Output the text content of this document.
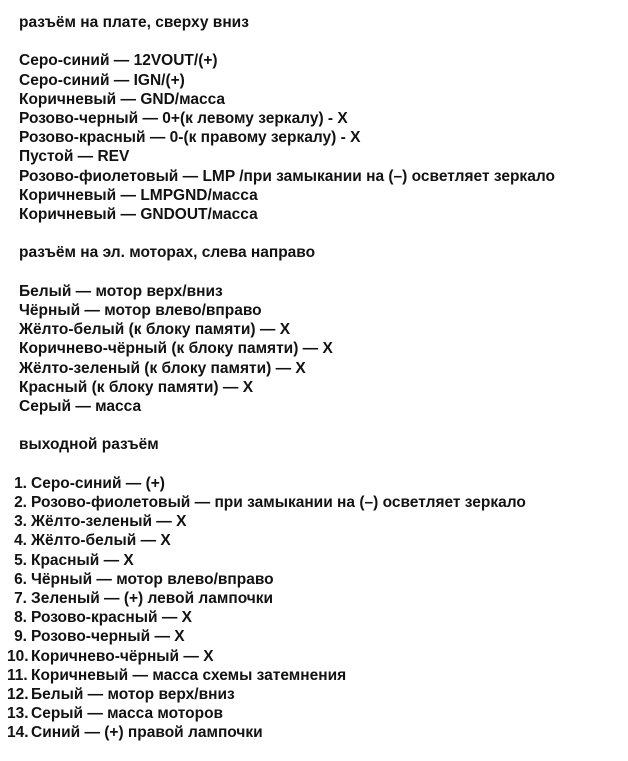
разъём на плате, сверху вниз

Серо-синий — 12VOUT/(+)

Серо-синий — IGN/(+)

Коричневый — GND/масса

Розово-черный — 0+(к левому зеркалу) - Х

Розово-красный — 0-(к правому зеркалу) - Х

Пустой — REV

Розово-фиолетовый — LMP /при замыкании на (–) осветляет зеркало

Коричневый — LMPGND/масса

Коричневый — GNDOUT/масса

разъём на эл. моторах, слева направо

Белый — мотор верх/вниз

Чёрный — мотор влево/вправо

Жёлто-белый (к блоку памяти) — Х

Коричнево-чёрный (к блоку памяти) — Х

Жёлто-зеленый (к блоку памяти) — Х

Красный (к блоку памяти) — Х

Серый — масса

выходной разъём

1. Серо-синий — (+)
2. Розово-фиолетовый — при замыкании на (–) осветляет зеркало
3. Жёлто-зеленый — Х
4. Жёлто-белый — Х
5. Красный — Х
6. Чёрный — мотор влево/вправо
7. Зеленый — (+) левой лампочки
8. Розово-красный — Х
9. Розово-черный — Х
10. Коричнево-чёрный — Х
11. Коричневый — масса схемы затемнения
12. Белый — мотор верх/вниз
13. Серый — масса моторов
14. Синий — (+) правой лампочки
